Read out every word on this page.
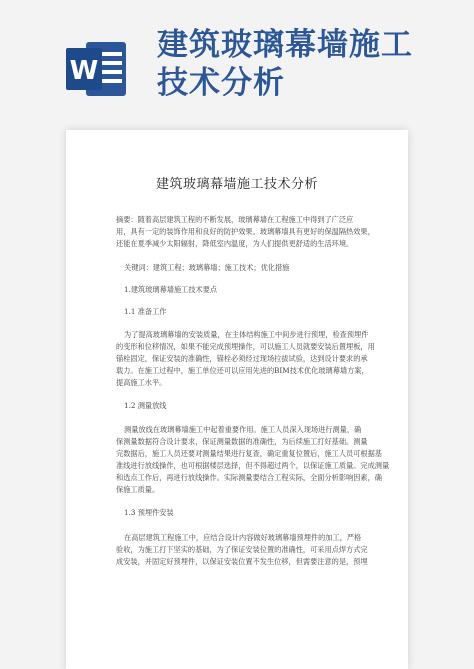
W
建筑玻璃幕墙施工
技术分析
建筑玻璃幕墙施工技术分析
摘要：随着高层建筑工程的不断发展，玻璃幕墙在工程施工中得到了广泛应
用，具有一定的装饰作用和良好的防护效果。玻璃幕墙具有更好的保温隔热效果，
还能在夏季减少太阳辐射，降低室内温度，为人们提供更舒适的生活环境。
关键词：建筑工程；玻璃幕墙；施工技术；优化措施
1.建筑玻璃幕墙施工技术要点
1.1 准备工作
为了提高玻璃幕墙的安装质量，在主体结构施工中间步进行预埋，检查预埋件
的变形和位移情况，如果不能完成预埋操作，可以施工人员就要安装后置埋板，用
锚栓固定，保证安装的准确性，锚栓必须经过现场拉拔试验，达到设计要求的承
载力。在施工过程中，施工单位还可以应用先进的BIM技术优化玻璃幕墙方案，
提高施工水平。
1.2 测量放线
测量放线在玻璃幕墙施工中起着重要作用。施工人员深入现场进行测量，确
保测量数据符合设计要求，保证测量数据的准确性，为后续施工打好基础。测量
完数据后，施工人员还要对测量结果进行复查，确定重复位置后，施工人员可根据基
准线进行放线操作，也可根据楼层选择，但不得超过两个，以保证施工质量。完成测量
和选点工作后，再进行放线操作。实际测量要结合工程实际，全面分析影响因素，确
保施工质量。
1.3 预埋件安装
在高层建筑工程施工中，应结合设计内容做好玻璃幕墙预埋件的加工，严格
验收，为施工打下坚实的基础，为了保证安装位置的准确性，可采用点焊方式完
成安装，并固定好预埋件，以保证安装位置不发生位移，但需要注意的是，预埋
